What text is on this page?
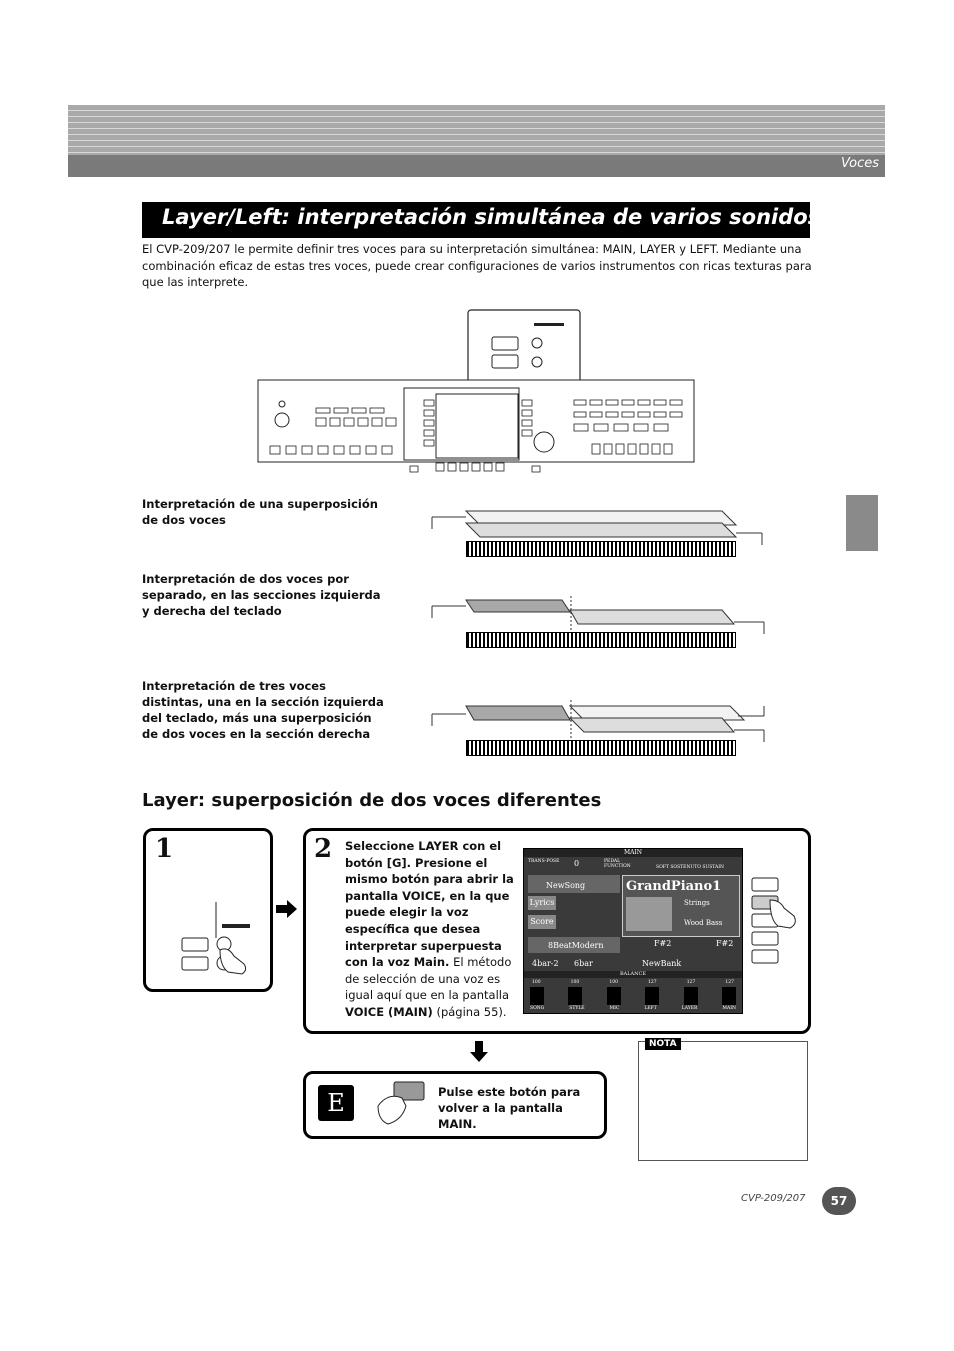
Voces
Layer/Left: interpretación simultánea de varios sonidos
El CVP-209/207 le permite definir tres voces para su interpretación simultánea: MAIN, LAYER y LEFT. Mediante una combinación eficaz de estas tres voces, puede crear configuraciones de varios instrumentos con ricas texturas para que las interprete.
Interpretación de una superposición de dos voces
Interpretación de dos voces por separado, en las secciones izquierda y derecha del teclado
Interpretación de tres voces distintas, una en la sección izquierda del teclado, más una superposición de dos voces en la sección derecha
Layer: superposición de dos voces diferentes
1	2 Seleccione LAYER con el botón [G]. Presione el mismo botón para abrir la pantalla VOICE, en la que puede elegir la voz específica que desea interpretar superpuesta con la voz Main. El método de selección de una voz es igual aquí que en la pantalla VOICE (MAIN) (página 55).
MAIN
TRANS-POSE	0	PEDAL FUNCTION	SOFT SOSTENUTO SUSTAIN
NewSong
Lyrics
Score
GrandPiano1
Strings
Wood Bass
8BeatModern	F#2	F#2
4bar-2 6bar	NewBank
BALANCE
100	100	100	127	127	127
SONG	STYLE	MIC	LEFT	LAYER	MAIN
E	Pulse este botón para volver a la pantalla MAIN.
NOTA
CVP-209/207	57
